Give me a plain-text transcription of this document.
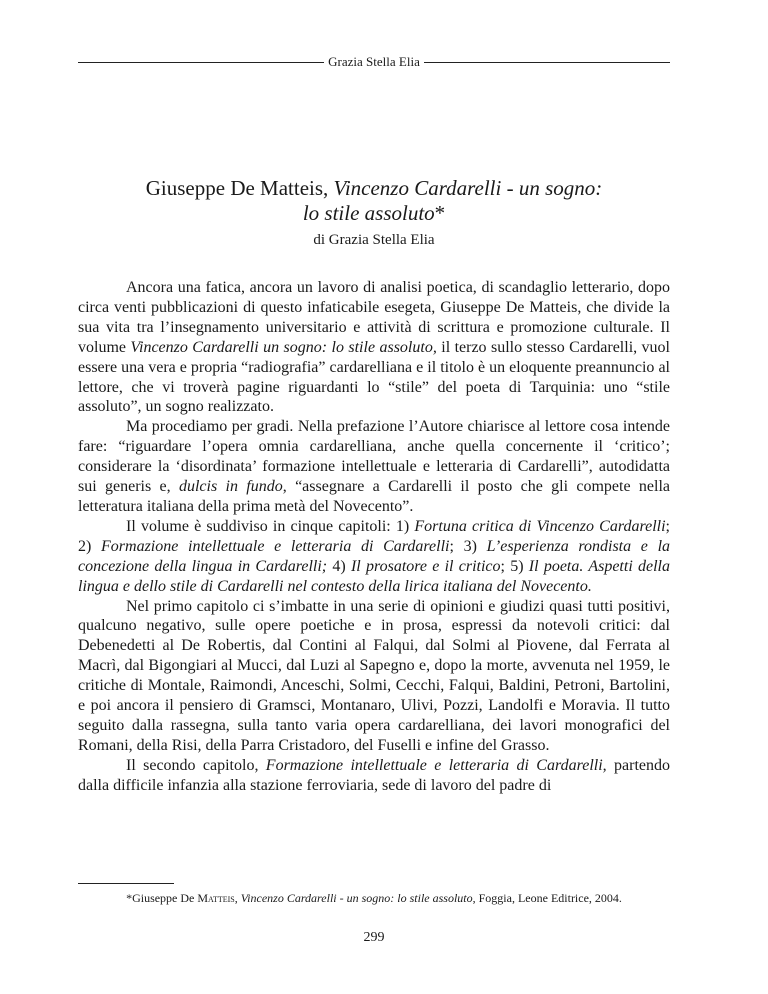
Grazia Stella Elia
Giuseppe De Matteis, Vincenzo Cardarelli - un sogno:
lo stile assoluto*
di Grazia Stella Elia

Ancora una fatica, ancora un lavoro di analisi poetica, di scandaglio letterario, dopo circa venti pubblicazioni di questo infaticabile esegeta, Giuseppe De Matteis, che divide la sua vita tra l’insegnamento universitario e attività di scrittura e promozione culturale. Il volume Vincenzo Cardarelli un sogno: lo stile assoluto, il terzo sullo stesso Cardarelli, vuol essere una vera e propria “radiografia” cardarelliana e il titolo è un eloquente preannuncio al lettore, che vi troverà pagine riguardanti lo “stile” del poeta di Tarquinia: uno “stile assoluto”, un sogno realizzato.

Ma procediamo per gradi. Nella prefazione l’Autore chiarisce al lettore cosa intende fare: “riguardare l’opera omnia cardarelliana, anche quella concernente il ‘critico’; considerare la ‘disordinata’ formazione intellettuale e letteraria di Cardarelli”, autodidatta sui generis e, dulcis in fundo, “assegnare a Cardarelli il posto che gli compete nella letteratura italiana della prima metà del Novecento”.

Il volume è suddiviso in cinque capitoli: 1) Fortuna critica di Vincenzo Cardarelli; 2) Formazione intellettuale e letteraria di Cardarelli; 3) L’esperienza rondista e la concezione della lingua in Cardarelli; 4) Il prosatore e il critico; 5) Il poeta. Aspetti della lingua e dello stile di Cardarelli nel contesto della lirica italiana del Novecento.

Nel primo capitolo ci s’imbatte in una serie di opinioni e giudizi quasi tutti positivi, qualcuno negativo, sulle opere poetiche e in prosa, espressi da notevoli critici: dal Debenedetti al De Robertis, dal Contini al Falqui, dal Solmi al Piovene, dal Ferrata al Macrì, dal Bigongiari al Mucci, dal Luzi al Sapegno e, dopo la morte, avvenuta nel 1959, le critiche di Montale, Raimondi, Anceschi, Solmi, Cecchi, Falqui, Baldini, Petroni, Bartolini, e poi ancora il pensiero di Gramsci, Montanaro, Ulivi, Pozzi, Landolfi e Moravia. Il tutto seguito dalla rassegna, sulla tanto varia opera cardarelliana, dei lavori monografici del Romani, della Risi, della Parra Cristadoro, del Fuselli e infine del Grasso.

Il secondo capitolo, Formazione intellettuale e letteraria di Cardarelli, partendo dalla difficile infanzia alla stazione ferroviaria, sede di lavoro del padre di

*Giuseppe De Matteis, Vincenzo Cardarelli - un sogno: lo stile assoluto, Foggia, Leone Editrice, 2004.
299
